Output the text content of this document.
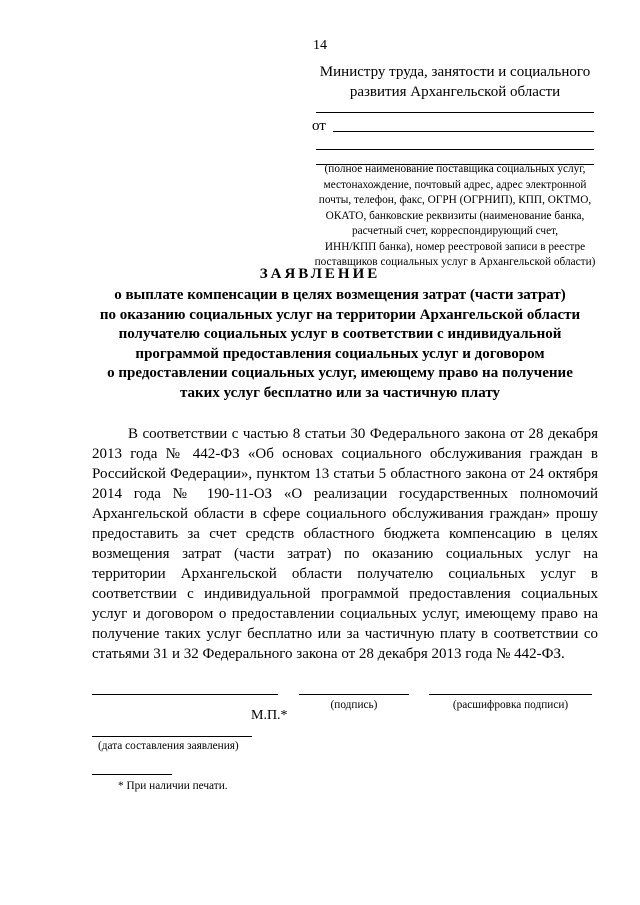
14
Министру труда, занятости и социального
развития Архангельской области
от
(полное наименование поставщика социальных услуг,
местонахождение, почтовый адрес, адрес электронной
почты, телефон, факс, ОГРН (ОГРНИП), КПП, ОКТМО,
ОКАТО, банковские реквизиты (наименование банка,
расчетный счет, корреспондирующий счет,
ИНН/КПП банка), номер реестровой записи в реестре
поставщиков социальных услуг в Архангельской области)
ЗАЯВЛЕНИЕ
о выплате компенсации в целях возмещения затрат (части затрат)
по оказанию социальных услуг на территории Архангельской области
получателю социальных услуг в соответствии с индивидуальной
программой предоставления социальных услуг и договором
о предоставлении социальных услуг, имеющему право на получение
таких услуг бесплатно или за частичную плату
В соответствии с частью 8 статьи 30 Федерального закона от 28 декабря 2013 года № 442-ФЗ «Об основах социального обслуживания граждан в Российской Федерации», пунктом 13 статьи 5 областного закона от 24 октября 2014 года № 190-11-ОЗ «О реализации государственных полномочий Архангельской области в сфере социального обслуживания граждан» прошу предоставить за счет средств областного бюджета компенсацию в целях возмещения затрат (части затрат) по оказанию социальных услуг на территории Архангельской области получателю социальных услуг в соответствии с индивидуальной программой предоставления социальных услуг и договором о предоставлении социальных услуг, имеющему право на получение таких услуг бесплатно или за частичную плату в соответствии со статьями 31 и 32 Федерального закона от 28 декабря 2013 года № 442-ФЗ.
(подпись)	(расшифровка подписи)
М.П.*
(дата составления заявления)
* При наличии печати.
